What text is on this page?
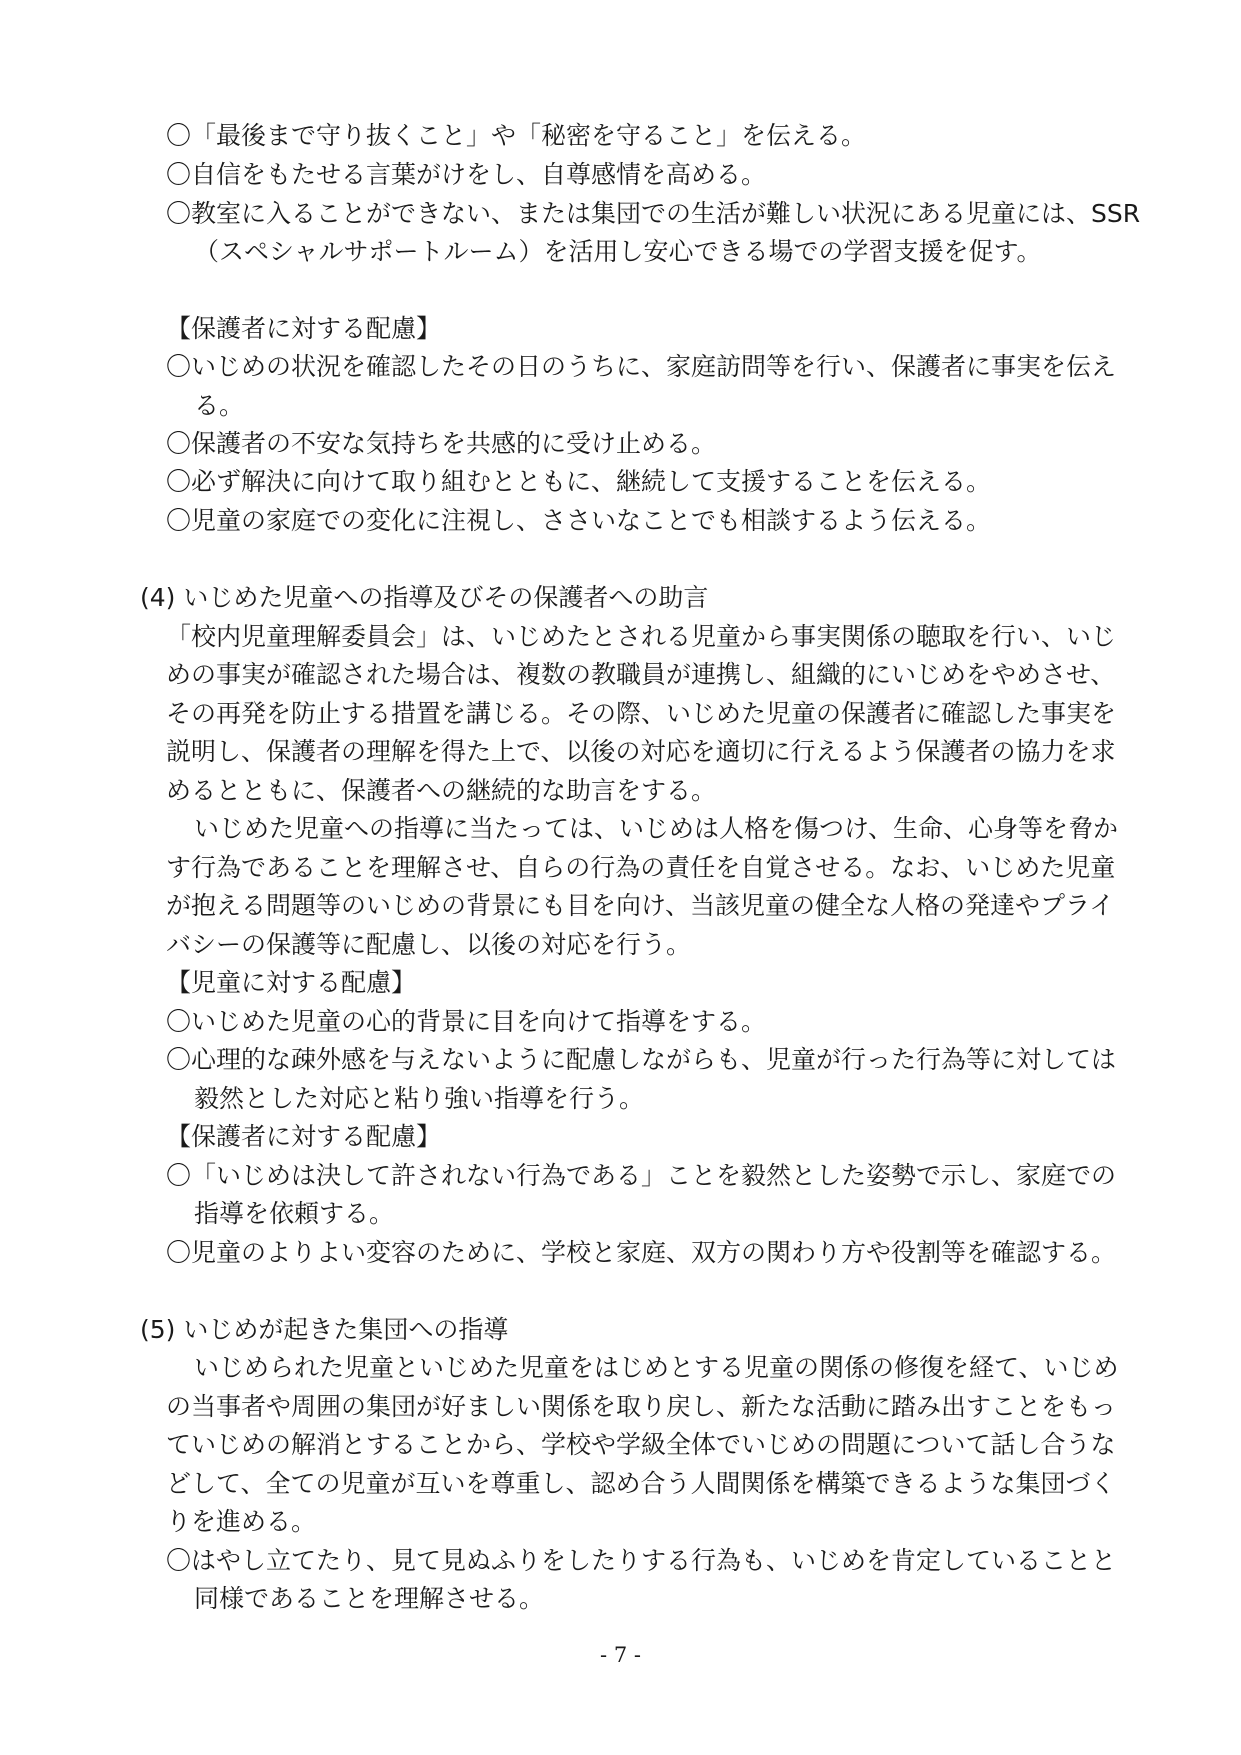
〇「最後まで守り抜くこと」や「秘密を守ること」を伝える。

〇自信をもたせる言葉がけをし、自尊感情を高める。

〇教室に入ることができない、または集団での生活が難しい状況にある児童には、SSR

（スペシャルサポートルーム）を活用し安心できる場での学習支援を促す。

【保護者に対する配慮】

〇いじめの状況を確認したその日のうちに、家庭訪問等を行い、保護者に事実を伝え

る。

〇保護者の不安な気持ちを共感的に受け止める。

〇必ず解決に向けて取り組むとともに、継続して支援することを伝える。

〇児童の家庭での変化に注視し、ささいなことでも相談するよう伝える。

(4) いじめた児童への指導及びその保護者への助言

「校内児童理解委員会」は、いじめたとされる児童から事実関係の聴取を行い、いじ

めの事実が確認された場合は、複数の教職員が連携し、組織的にいじめをやめさせ、

その再発を防止する措置を講じる。その際、いじめた児童の保護者に確認した事実を

説明し、保護者の理解を得た上で、以後の対応を適切に行えるよう保護者の協力を求

めるとともに、保護者への継続的な助言をする。

いじめた児童への指導に当たっては、いじめは人格を傷つけ、生命、心身等を脅か

す行為であることを理解させ、自らの行為の責任を自覚させる。なお、いじめた児童

が抱える問題等のいじめの背景にも目を向け、当該児童の健全な人格の発達やプライ

バシーの保護等に配慮し、以後の対応を行う。

【児童に対する配慮】

〇いじめた児童の心的背景に目を向けて指導をする。

〇心理的な疎外感を与えないように配慮しながらも、児童が行った行為等に対しては

毅然とした対応と粘り強い指導を行う。

【保護者に対する配慮】

〇「いじめは決して許されない行為である」ことを毅然とした姿勢で示し、家庭での

指導を依頼する。

〇児童のよりよい変容のために、学校と家庭、双方の関わり方や役割等を確認する。

(5) いじめが起きた集団への指導

いじめられた児童といじめた児童をはじめとする児童の関係の修復を経て、いじめ

の当事者や周囲の集団が好ましい関係を取り戻し、新たな活動に踏み出すことをもっ

ていじめの解消とすることから、学校や学級全体でいじめの問題について話し合うな

どして、全ての児童が互いを尊重し、認め合う人間関係を構築できるような集団づく

りを進める。

〇はやし立てたり、見て見ぬふりをしたりする行為も、いじめを肯定していることと

同様であることを理解させる。

- 7 -
